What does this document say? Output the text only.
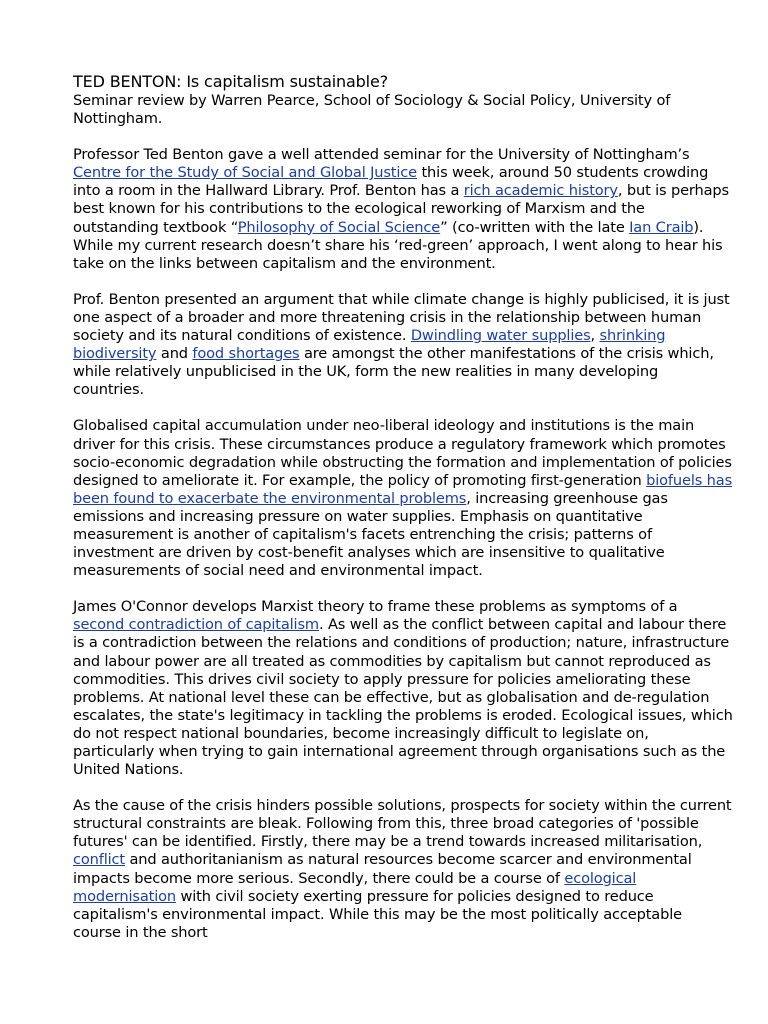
TED BENTON: Is capitalism sustainable?

Seminar review by Warren Pearce, School of Sociology & Social Policy, University of Nottingham.

Professor Ted Benton gave a well attended seminar for the University of Nottingham’s Centre for the Study of Social and Global Justice this week, around 50 students crowding into a room in the Hallward Library. Prof. Benton has a rich academic history, but is perhaps best known for his contributions to the ecological reworking of Marxism and the outstanding textbook “Philosophy of Social Science” (co-written with the late Ian Craib). While my current research doesn’t share his ‘red-green’ approach, I went along to hear his take on the links between capitalism and the environment.

Prof. Benton presented an argument that while climate change is highly publicised, it is just one aspect of a broader and more threatening crisis in the relationship between human society and its natural conditions of existence. Dwindling water supplies, shrinking biodiversity and food shortages are amongst the other manifestations of the crisis which, while relatively unpublicised in the UK, form the new realities in many developing countries.

Globalised capital accumulation under neo-liberal ideology and institutions is the main driver for this crisis. These circumstances produce a regulatory framework which promotes socio-economic degradation while obstructing the formation and implementation of policies designed to ameliorate it. For example, the policy of promoting first-generation biofuels has been found to exacerbate the environmental problems, increasing greenhouse gas emissions and increasing pressure on water supplies. Emphasis on quantitative measurement is another of capitalism's facets entrenching the crisis; patterns of investment are driven by cost-benefit analyses which are insensitive to qualitative measurements of social need and environmental impact.

James O'Connor develops Marxist theory to frame these problems as symptoms of a second contradiction of capitalism. As well as the conflict between capital and labour there is a contradiction between the relations and conditions of production; nature, infrastructure and labour power are all treated as commodities by capitalism but cannot reproduced as commodities. This drives civil society to apply pressure for policies ameliorating these problems. At national level these can be effective, but as globalisation and de-regulation escalates, the state's legitimacy in tackling the problems is eroded. Ecological issues, which do not respect national boundaries, become increasingly difficult to legislate on, particularly when trying to gain international agreement through organisations such as the United Nations.

As the cause of the crisis hinders possible solutions, prospects for society within the current structural constraints are bleak. Following from this, three broad categories of 'possible futures' can be identified. Firstly, there may be a trend towards increased militarisation, conflict and authoritanianism as natural resources become scarcer and environmental impacts become more serious. Secondly, there could be a course of ecological modernisation with civil society exerting pressure for policies designed to reduce capitalism's environmental impact. While this may be the most politically acceptable course in the short
